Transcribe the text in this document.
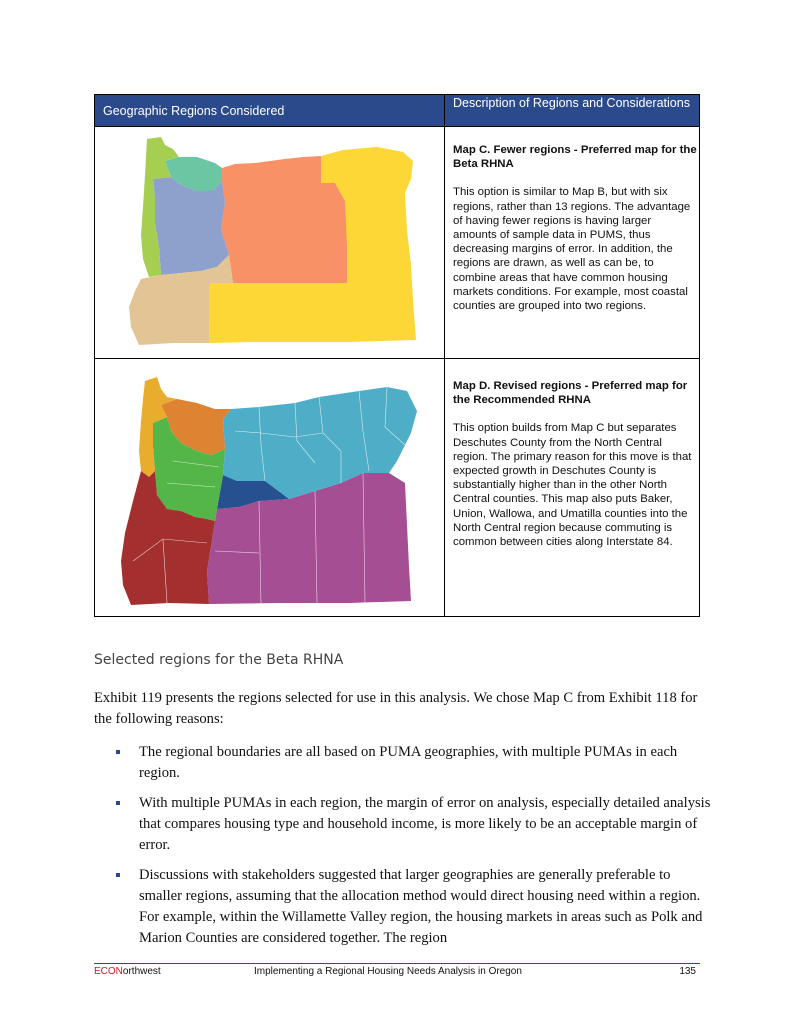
Geographic Regions Considered
Description of Regions and Considerations

Map C. Fewer regions - Preferred map for the Beta RHNA

This option is similar to Map B, but with six regions, rather than 13 regions. The advantage of having fewer regions is having larger amounts of sample data in PUMS, thus decreasing margins of error. In addition, the regions are drawn, as well as can be, to combine areas that have common housing markets conditions. For example, most coastal counties are grouped into two regions.

Map D. Revised regions - Preferred map for the Recommended RHNA

This option builds from Map C but separates Deschutes County from the North Central region. The primary reason for this move is that expected growth in Deschutes County is substantially higher than in the other North Central counties. This map also puts Baker, Union, Wallowa, and Umatilla counties into the North Central region because commuting is common between cities along Interstate 84.

Selected regions for the Beta RHNA

Exhibit 119 presents the regions selected for use in this analysis. We chose Map C from Exhibit 118 for the following reasons:

The regional boundaries are all based on PUMA geographies, with multiple PUMAs in each region.
With multiple PUMAs in each region, the margin of error on analysis, especially detailed analysis that compares housing type and household income, is more likely to be an acceptable margin of error.
Discussions with stakeholders suggested that larger geographies are generally preferable to smaller regions, assuming that the allocation method would direct housing need within a region. For example, within the Willamette Valley region, the housing markets in areas such as Polk and Marion Counties are considered together. The region
ECONorthwest	Implementing a Regional Housing Needs Analysis in Oregon	135
